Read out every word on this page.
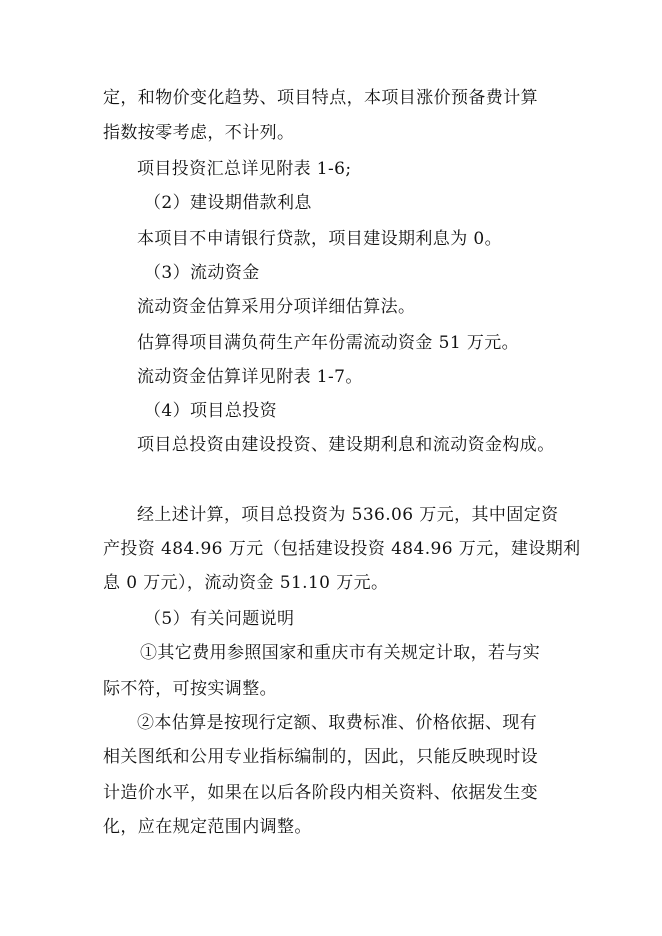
定，和物价变化趋势、项目特点，本项目涨价预备费计算
指数按零考虑，不计列。
项目投资汇总详见附表 1-6;
（2）建设期借款利息
本项目不申请银行贷款，项目建设期利息为 0。
（3）流动资金
流动资金估算采用分项详细估算法。
估算得项目满负荷生产年份需流动资金 51 万元。
流动资金估算详见附表 1-7。
（4）项目总投资
项目总投资由建设投资、建设期利息和流动资金构成。
经上述计算，项目总投资为 536.06 万元，其中固定资
产投资 484.96 万元（包括建设投资 484.96 万元，建设期利
息 0 万元），流动资金 51.10 万元。
（5）有关问题说明
①其它费用参照国家和重庆市有关规定计取，若与实
际不符，可按实调整。
②本估算是按现行定额、取费标准、价格依据、现有
相关图纸和公用专业指标编制的，因此，只能反映现时设
计造价水平，如果在以后各阶段内相关资料、依据发生变
化，应在规定范围内调整。
